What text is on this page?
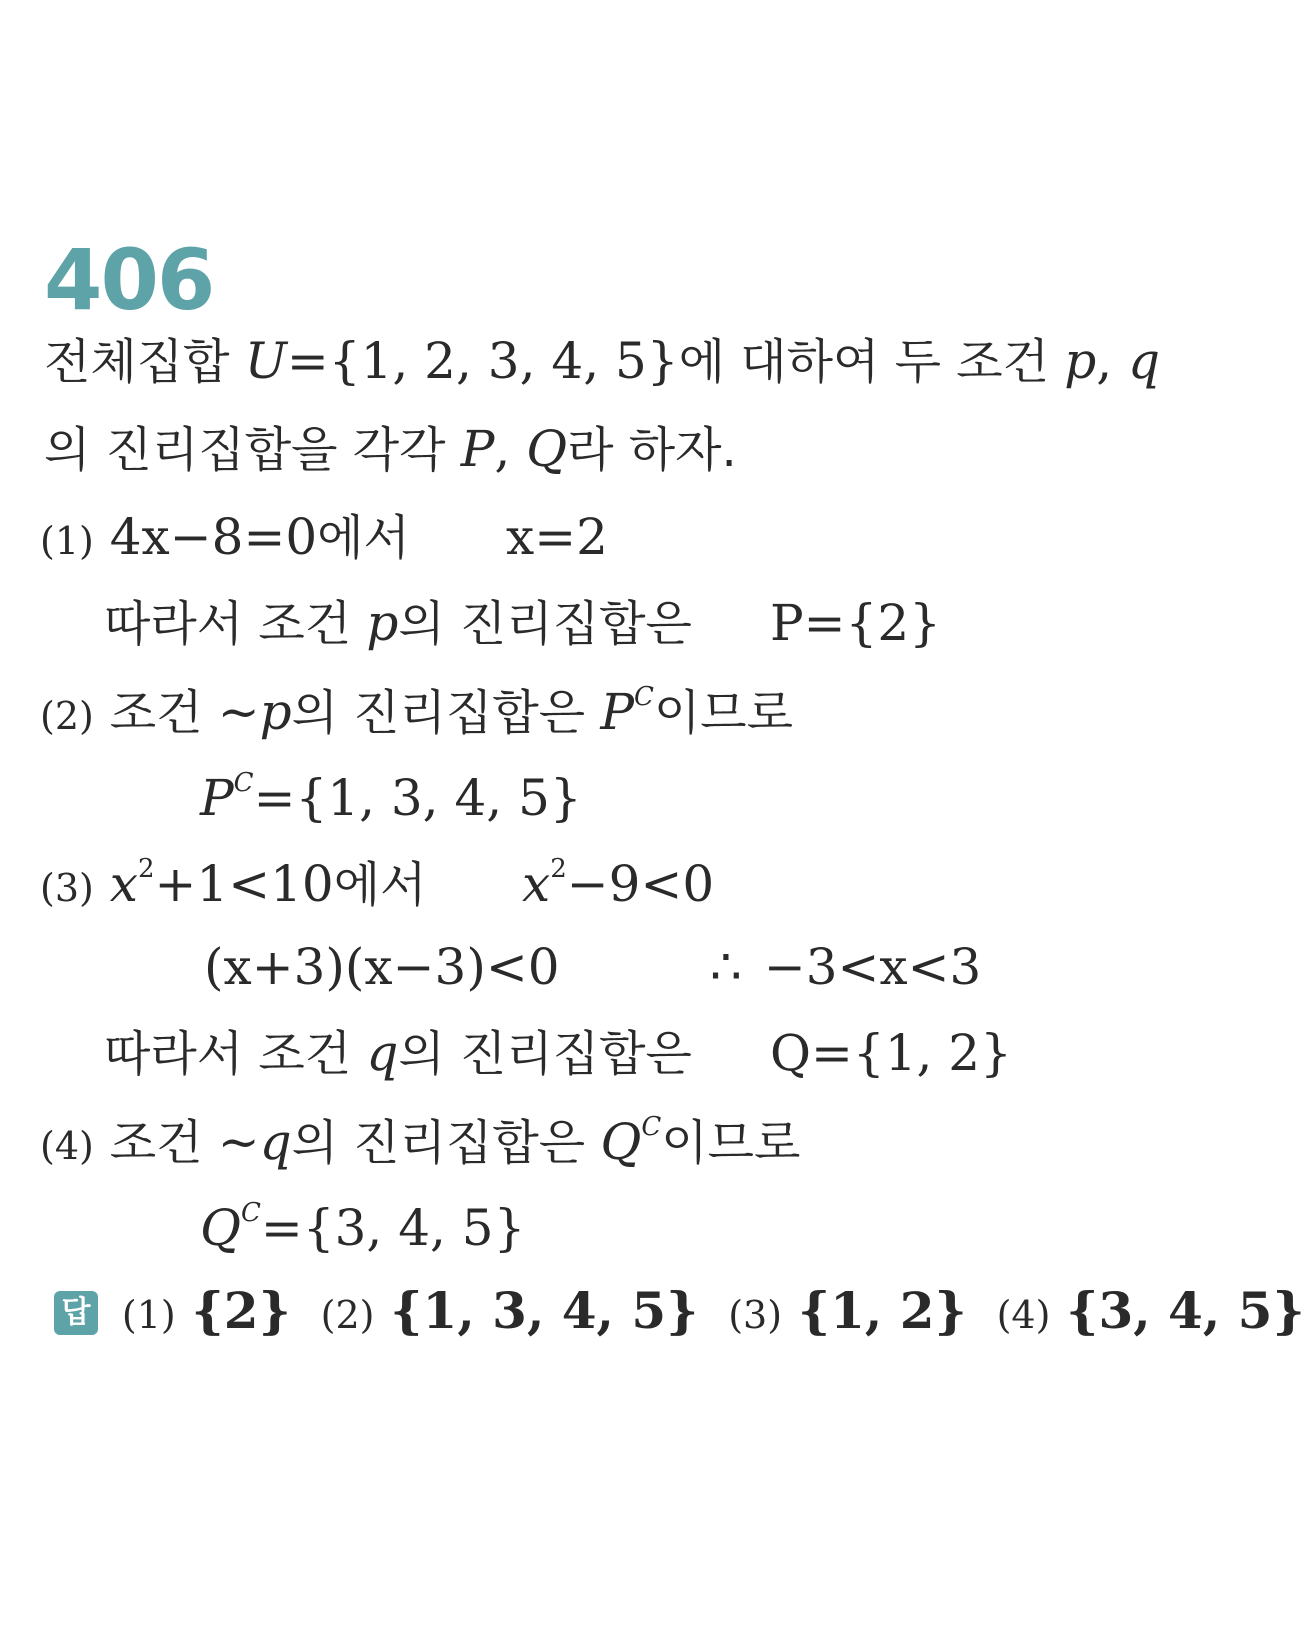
406
전체집합 U={1, 2, 3, 4, 5}에 대하여 두 조건 p, q
의 진리집합을 각각 P, Q라 하자.
(1) 4x−8=0에서 x=2
따라서 조건 p의 진리집합은 P={2}
(2) 조건 ~p의 진리집합은 $P^C$이므로
$P^C=\{1$, 3, 4, 5}
(3) $x^2+1<10$에서 $x^2-9<0$
(x+3)(x−3)<0	∴ −3<x<3
따라서 조건 q의 진리집합은 Q={1, 2}
(4) 조건 ~q의 진리집합은 $Q^C$이므로
$Q^C=\{3$, 4, 5}
답 (1) {2} (2) {1, 3, 4, 5} (3) {1, 2} (4) {3, 4, 5}
